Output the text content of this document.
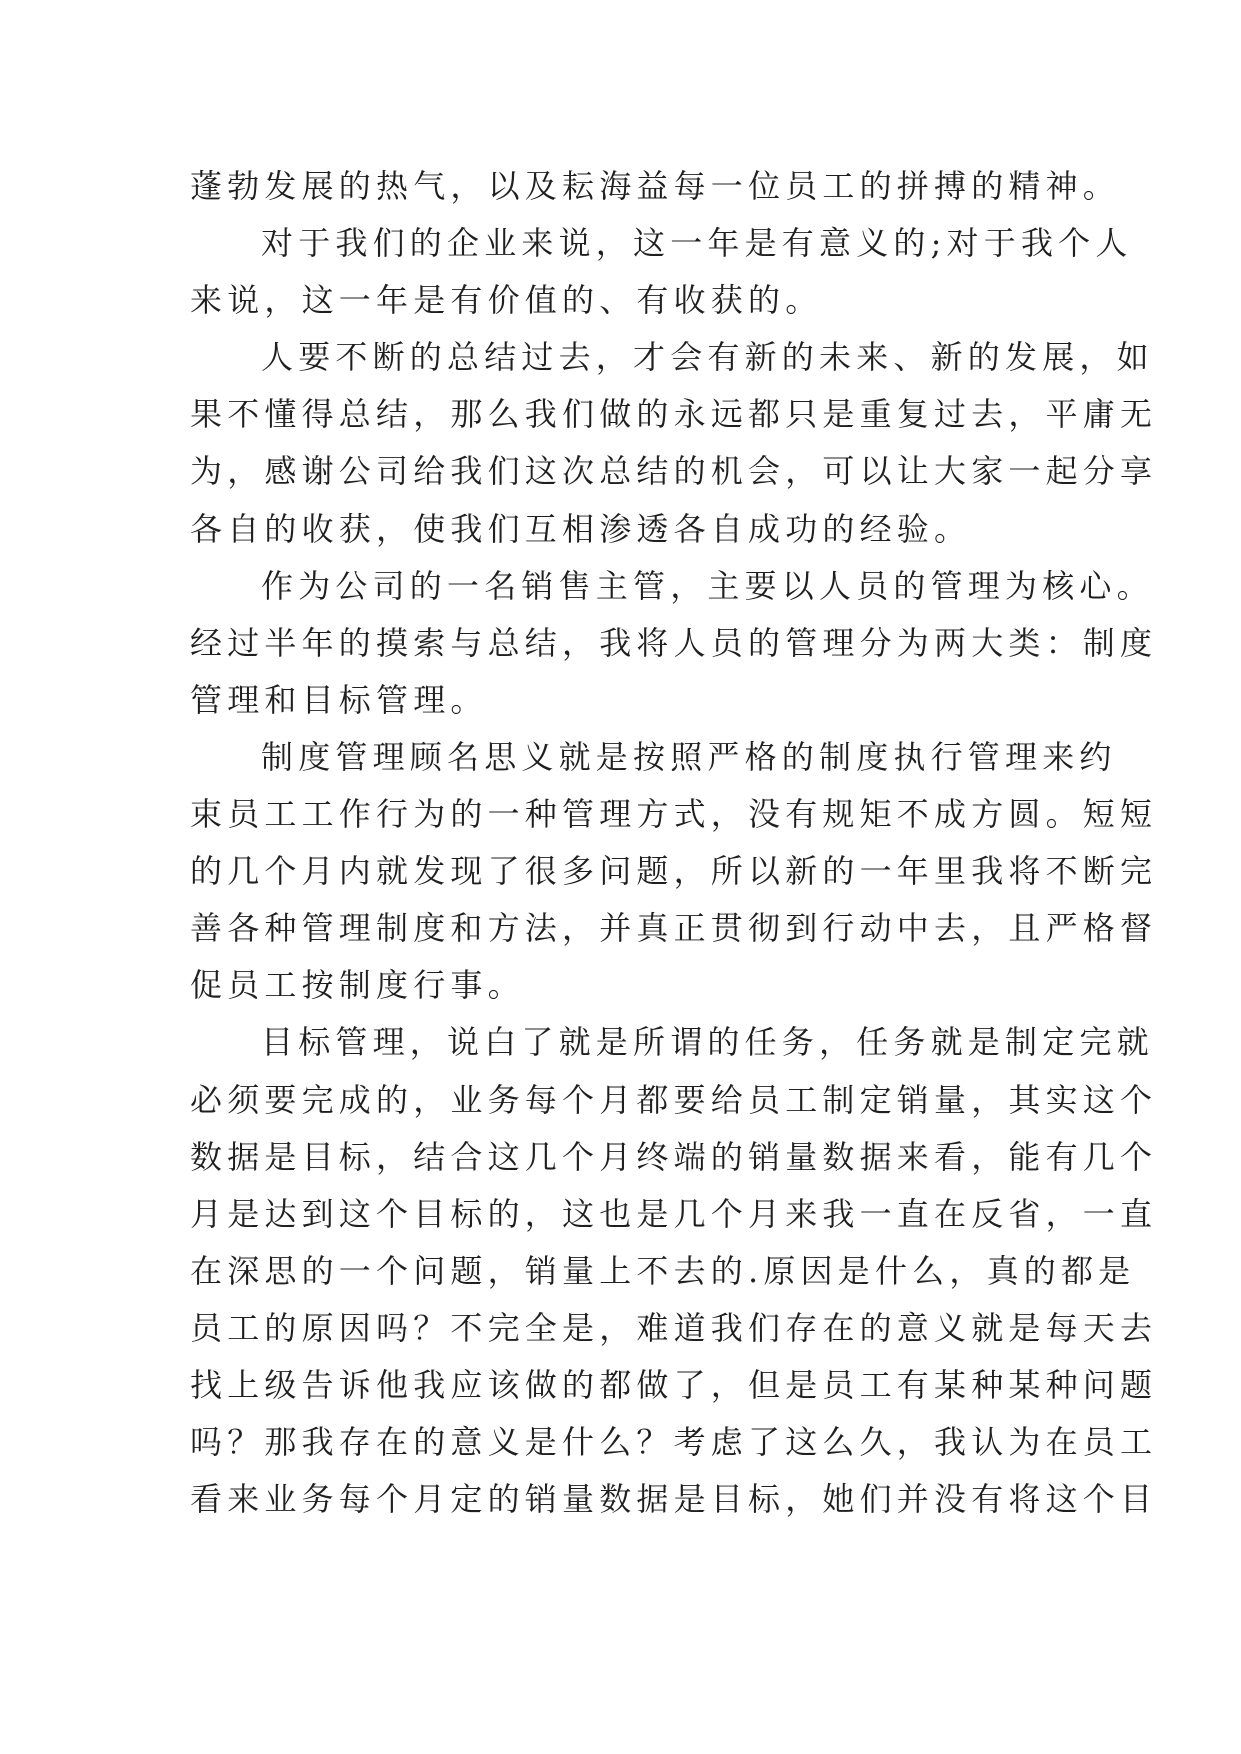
蓬勃发展的热气，以及耘海益每一位员工的拼搏的精神。
对于我们的企业来说，这一年是有意义的;对于我个人
来说，这一年是有价值的、有收获的。
人要不断的总结过去，才会有新的未来、新的发展，如
果不懂得总结，那么我们做的永远都只是重复过去，平庸无
为，感谢公司给我们这次总结的机会，可以让大家一起分享
各自的收获，使我们互相渗透各自成功的经验。
作为公司的一名销售主管，主要以人员的管理为核心。
经过半年的摸索与总结，我将人员的管理分为两大类：制度
管理和目标管理。
制度管理顾名思义就是按照严格的制度执行管理来约
束员工工作行为的一种管理方式，没有规矩不成方圆。短短
的几个月内就发现了很多问题，所以新的一年里我将不断完
善各种管理制度和方法，并真正贯彻到行动中去，且严格督
促员工按制度行事。
目标管理，说白了就是所谓的任务，任务就是制定完就
必须要完成的，业务每个月都要给员工制定销量，其实这个
数据是目标，结合这几个月终端的销量数据来看，能有几个
月是达到这个目标的，这也是几个月来我一直在反省，一直
在深思的一个问题，销量上不去的.原因是什么，真的都是
员工的原因吗？不完全是，难道我们存在的意义就是每天去
找上级告诉他我应该做的都做了，但是员工有某种某种问题
吗？那我存在的意义是什么？考虑了这么久，我认为在员工
看来业务每个月定的销量数据是目标，她们并没有将这个目
